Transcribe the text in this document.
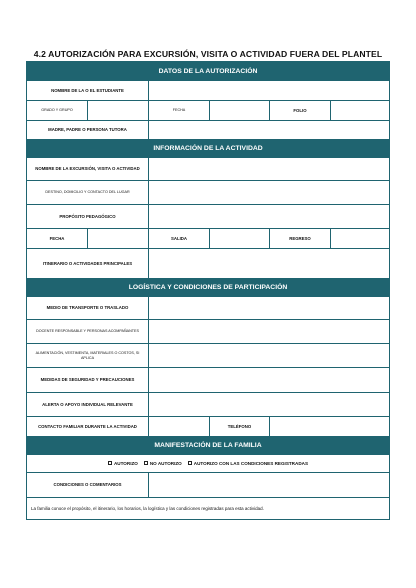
4.2 AUTORIZACIÓN PARA EXCURSIÓN, VISITA O ACTIVIDAD FUERA DEL PLANTEL
DATOS DE LA AUTORIZACIÓN
NOMBRE DE LA O EL ESTUDIANTE
GRADO Y GRUPO	FECHA	FOLIO
MADRE, PADRE O PERSONA TUTORA
INFORMACIÓN DE LA ACTIVIDAD
NOMBRE DE LA EXCURSIÓN, VISITA O ACTIVIDAD
DESTINO, DOMICILIO Y CONTACTO DEL LUGAR
PROPÓSITO PEDAGÓGICO
FECHA	SALIDA	REGRESO
ITINERARIO O ACTIVIDADES PRINCIPALES
LOGÍSTICA Y CONDICIONES DE PARTICIPACIÓN
MEDIO DE TRANSPORTE O TRASLADO
DOCENTE RESPONSABLE Y PERSONAS ACOMPAÑANTES
ALIMENTACIÓN, VESTIMENTA, MATERIALES O COSTOS, SI APLICA
MEDIDAS DE SEGURIDAD Y PRECAUCIONES
ALERTA O APOYO INDIVIDUAL RELEVANTE
CONTACTO FAMILIAR DURANTE LA ACTIVIDAD	TELÉFONO
MANIFESTACIÓN DE LA FAMILIA
AUTORIZO	NO AUTORIZO	AUTORIZO CON LAS CONDICIONES REGISTRADAS
CONDICIONES O COMENTARIOS
La familia conoce el propósito, el itinerario, los horarios, la logística y las condiciones registradas para esta actividad.
